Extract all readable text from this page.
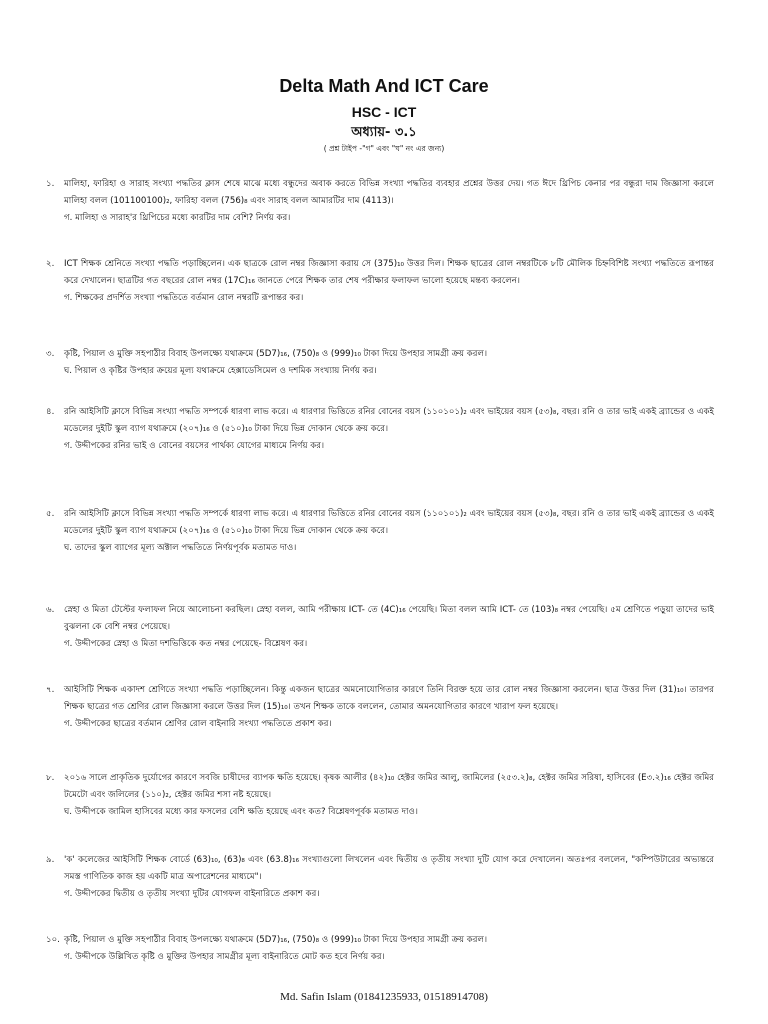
Delta Math And ICT Care
HSC - ICT
অধ্যায়- ৩.১
( প্রশ্ন টাইপ -"গ" এবং "ঘ" নং এর জন্য)
১.	মালিহা, ফারিহা ও সারাহ সংখ্যা পদ্ধতির ক্লাস শেষে মাঝে মধ্যে বন্ধুদের অবাক করতে বিভিন্ন সংখ্যা পদ্ধতির ব্যবহার প্রশ্নের উত্তর দেয়। গত ঈদে থ্রিপিচ কেনার পর বন্ধুরা দাম জিজ্ঞাসা করলে মালিহা বলল (101100100)₂, ফারিহা বলল (756)₈ এবং সারাহ বলল আমারটির দাম (4113)।
গ. মালিহা ও সারাহ'র থ্রিপিচের মধ্যে কারটির দাম বেশি? নির্ণয় কর।
২.	ICT শিক্ষক শ্রেনিতে সংখ্যা পদ্ধতি পড়াচ্ছিলেন। এক ছাত্রকে রোল নম্বর জিজ্ঞাসা করায় সে (375)₁₀ উত্তর দিল। শিক্ষক ছাত্রের রোল নম্বরটিকে ৮টি মৌলিক চিহ্নবিশিষ্ট সংখ্যা পদ্ধতিতে রূপান্তর করে দেখালেন। ছাত্রটির গত বছরের রোল নম্বর (17C)₁₆ জানতে পেরে শিক্ষক তার শেষ পরীক্ষার ফলাফল ভালো হয়েছে মন্তব্য করলেন।
গ. শিক্ষকের প্রদর্শিত সংখ্যা পদ্ধতিতে বর্তমান রোল নম্বরটি রূপান্তর কর।
৩.	কৃষ্টি, পিয়াল ও মুক্তি সহপাঠীর বিবাহ উপলক্ষ্যে যথাক্রমে (5D7)₁₆, (750)₈ ও (999)₁₀ টাকা দিয়ে উপহার সামগ্রী ক্রয় করল।
ঘ. পিয়াল ও কৃষ্টির উপহার ক্রয়ের মূল্য যথাক্রমে হেক্সাডেসিমেল ও দশমিক সংখ্যায় নির্ণয় কর।
৪.	রনি আইসিটি ক্লাসে বিভিন্ন সংখ্যা পদ্ধতি সম্পর্কে ধারণা লাভ করে। এ ধারণার ভিত্তিতে রনির বোনের বয়স (১১০১০১)₂ এবং ভাইয়ের বয়স (৫৩)₈, বছর। রনি ও তার ভাই একই ব্র্যান্ডের ও একই মডেলের দুইটি স্কুল ব্যাগ যথাক্রমে (২০৭)₁₆ ও (৫১০)₁₀ টাকা দিয়ে ভিন্ন দোকান থেকে ক্রয় করে।
গ. উদ্দীপকের রনির ভাই ও বোনের বয়সের পার্থক্য যোগের মাধ্যমে নির্ণয় কর।
৫.	রনি আইসিটি ক্লাসে বিভিন্ন সংখ্যা পদ্ধতি সম্পর্কে ধারণা লাভ করে। এ ধারণার ভিত্তিতে রনির বোনের বয়স (১১০১০১)₂ এবং ভাইয়ের বয়স (৫৩)₈, বছর। রনি ও তার ভাই একই ব্র্যান্ডের ও একই মডেলের দুইটি স্কুল ব্যাগ যথাক্রমে (২০৭)₁₆ ও (৫১০)₁₀ টাকা দিয়ে ভিন্ন দোকান থেকে ক্রয় করে।
ঘ. তাদের স্কুল ব্যাগের মূল্য অক্টাল পদ্ধতিতে নির্ণয়পূর্বক মতামত দাও।
৬.	স্নেহা ও মিতা টেস্টের ফলাফল নিয়ে আলোচনা করছিল। স্নেহা বলল, আমি পরীক্ষায় ICT- তে (4C)₁₆ পেয়েছি। মিতা বলল আমি ICT- তে (103)₈ নম্বর পেয়েছি। ৫ম শ্রেণিতে পড়ুয়া তাদের ভাই বুঝলনা কে বেশি নম্বর পেয়েছে।
গ. উদ্দীপকের স্নেহা ও মিতা দশভিত্তিকে কত নম্বর পেয়েছে- বিশ্লেষণ কর।
৭.	আইসিটি শিক্ষক একাদশ শ্রেণিতে সংখ্যা পদ্ধতি পড়াচ্ছিলেন। কিন্তু একজন ছাত্রের অমনোযোগিতার কারণে তিনি বিরক্ত হয়ে তার রোল নম্বর জিজ্ঞাসা করলেন। ছাত্র উত্তর দিল (31)₁₀। তারপর শিক্ষক ছাত্রের গত শ্রেণির রোল জিজ্ঞাসা করলে উত্তর দিল (15)₁₀। তখন শিক্ষক তাকে বললেন, তোমার অমনযোগিতার কারণে খারাপ ফল হয়েছে।
গ. উদ্দীপকের ছাত্রের বর্তমান শ্রেণির রোল বাইনারি সংখ্যা পদ্ধতিতে প্রকাশ কর।
৮.	২০১৬ সালে প্রাকৃতিক দুর্যোগের কারণে সবজি চাষীদের ব্যাপক ক্ষতি হয়েছে। কৃষক আলীর (৪২)₁₀ হেক্টর জমির আলু, জামিলের (২৫৩.২)₈, হেক্টর জমির সরিষা, হাসিবের (E৩.২)₁₆ হেক্টর জমির টমেটো এবং জলিলের (১১০)₂, হেক্টর জমির শসা নষ্ট হয়েছে।
ঘ. উদ্দীপকে জামিল হাসিবের মধ্যে কার ফসলের বেশি ক্ষতি হয়েছে এবং কত? বিশ্লেষণপূর্বক মতামত দাও।
৯.	'ক' কলেজের আইসিটি শিক্ষক বোর্ডে (63)₁₀, (63)₈ এবং (63.8)₁₆ সংখ্যাগুলো লিখলেন এবং দ্বিতীয় ও তৃতীয় সংখ্যা দুটি যোগ করে দেখালেন। অতঃপর বললেন, "কম্পিউটারের অভ্যন্তরে সমস্ত গাণিতিক কাজ হয় একটি মাত্র অপারেশনের মাধ্যমে"।
গ. উদ্দীপকের দ্বিতীয় ও তৃতীয় সংখ্যা দুটির যোগফল বাইনারিতে প্রকাশ কর।
১০. কৃষ্টি, পিয়াল ও মুক্তি সহপাঠীর বিবাহ উপলক্ষ্যে যথাক্রমে (5D7)₁₆, (750)₈ ও (999)₁₀ টাকা দিয়ে উপহার সামগ্রী ক্রয় করল।
গ. উদ্দীপকে উল্লিখিত কৃষ্টি ও মুক্তির উপহার সামগ্রীর মূল্য বাইনারিতে মোট কত হবে নির্ণয় কর।
Md. Safin Islam (01841235933, 01518914708)
